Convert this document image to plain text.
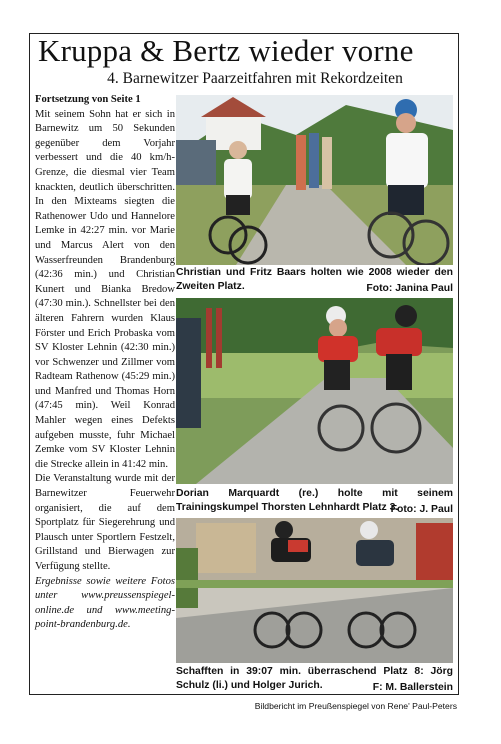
Kruppa & Bertz wieder vorne
4. Barnewitzer Paarzeitfahren mit Rekordzeiten

Fortsetzung von Seite 1

Mit seinem Sohn hat er sich in Barnewitz um 50 Sekunden gegenüber dem Vorjahr verbessert und die 40 km/h-Grenze, die diesmal vier Team knackten, deutlich überschritten. In den Mixteams siegten die Rathenower Udo und Hannelore Lemke in 42:27 min. vor Marie und Marcus Alert von den Wasserfreunden Brandenburg (42:36 min.) und Christian Kunert und Bianka Bredow (47:30 min.). Schnellster bei den älteren Fahrern wurden Klaus Förster und Erich Probaska vom SV Kloster Lehnin (42:30 min.) vor Schwenzer und Zillmer vom Radteam Rathenow (45:29 min.) und Manfred und Thomas Horn (47:45 min). Weil Konrad Mahler wegen eines Defekts aufgeben musste, fuhr Michael Zemke vom SV Kloster Lehnin die Strecke allein in 41:42 min.

Die Veranstaltung wurde mit der Barnewitzer Feuerwehr organisiert, die auf dem Sportplatz für Siegerehrung und Plausch unter Sportlern Festzelt, Grillstand und Bierwagen zur Verfügung stellte.

Ergebnisse sowie weitere Fotos unter www.preussenspiegel-online.de und www.meeting-point-brandenburg.de.

Christian und Fritz Baars holten wie 2008 wieder den Zweiten Platz.	Foto: Janina Paul
Dorian Marquardt (re.) holte mit seinem Trainingskumpel Thorsten Lehnhardt Platz 3.
Foto: J. Paul
Schafften in 39:07 min. überraschend Platz 8: Jörg Schulz (li.) und Holger Jurich.	F: M. Ballerstein
Bildbericht im Preußenspiegel von Rene' Paul-Peters
